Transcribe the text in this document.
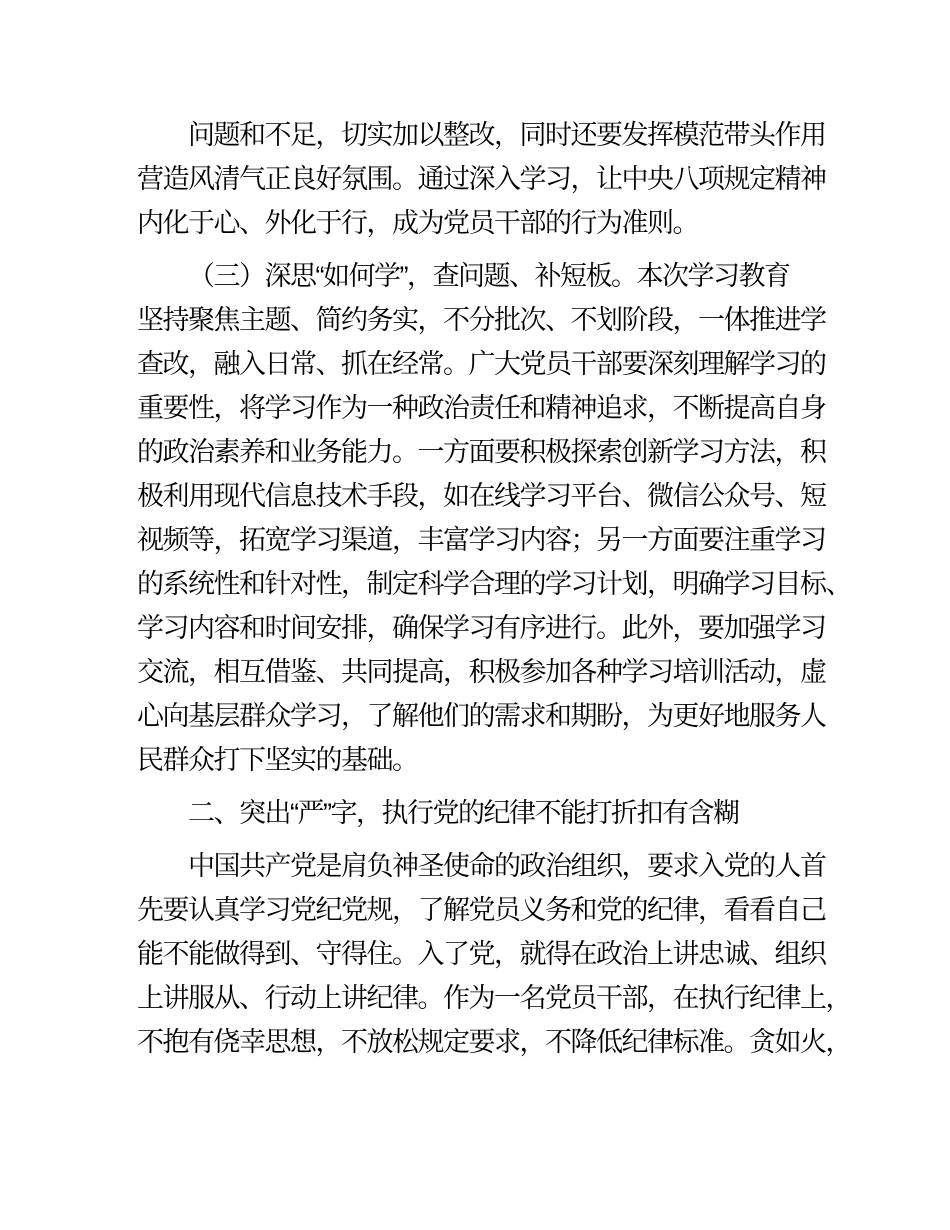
问题和不足，切实加以整改，同时还要发挥模范带头作用
营造风清气正良好氛围。通过深入学习，让中央八项规定精神
内化于心、外化于行，成为党员干部的行为准则。
（三）深思“如何学”，查问题、补短板。本次学习教育
坚持聚焦主题、简约务实，不分批次、不划阶段，一体推进学
查改，融入日常、抓在经常。广大党员干部要深刻理解学习的
重要性，将学习作为一种政治责任和精神追求，不断提高自身
的政治素养和业务能力。一方面要积极探索创新学习方法，积
极利用现代信息技术手段，如在线学习平台、微信公众号、短
视频等，拓宽学习渠道，丰富学习内容；另一方面要注重学习
的系统性和针对性，制定科学合理的学习计划，明确学习目标、
学习内容和时间安排，确保学习有序进行。此外，要加强学习
交流，相互借鉴、共同提高，积极参加各种学习培训活动，虚
心向基层群众学习，了解他们的需求和期盼，为更好地服务人
民群众打下坚实的基础。
二、突出“严”字，执行党的纪律不能打折扣有含糊
中国共产党是肩负神圣使命的政治组织，要求入党的人首
先要认真学习党纪党规，了解党员义务和党的纪律，看看自己
能不能做得到、守得住。入了党，就得在政治上讲忠诚、组织
上讲服从、行动上讲纪律。作为一名党员干部，在执行纪律上，
不抱有侥幸思想，不放松规定要求，不降低纪律标准。贪如火，
